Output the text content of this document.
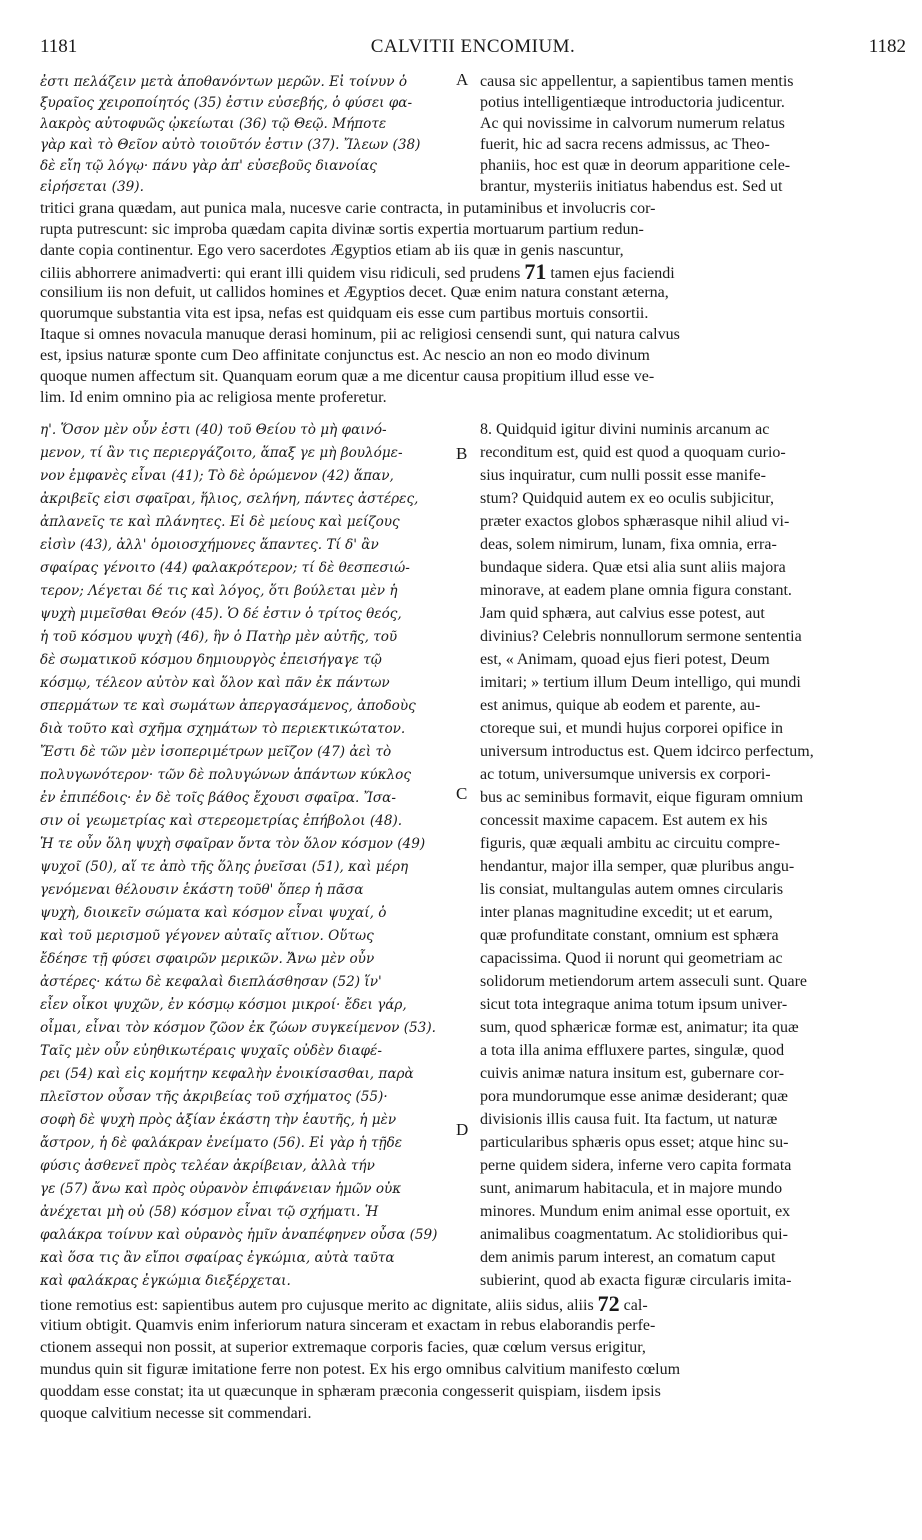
1181	CALVITII ENCOMIUM.	1182
ἐστι πελάζειν μετὰ ἀποθανόντων μερῶν. Εἰ τοίνυν ὁ
ξυραῖος χειροποίητός (35) ἐστιν εὐσεβής, ὁ φύσει φα-
λακρὸς αὐτοφυῶς ᾠκείωται (36) τῷ Θεῷ. Μήποτε
γὰρ καὶ τὸ Θεῖον αὐτὸ τοιοῦτόν ἐστιν (37). Ἴλεων (38)
δὲ εἴη τῷ λόγῳ· πάνυ γὰρ ἀπ' εὐσεβοῦς διανοίας
εἰρήσεται (39).
A causa sic appellentur, a sapientibus tamen mentis
potius intelligentiæque introductoria judicentur.
Ac qui novissime in calvorum numerum relatus
fuerit, hic ad sacra recens admissus, ac Theo-
phaniis, hoc est quæ in deorum apparitione cele-
brantur, mysteriis initiatus habendus est. Sed ut
tritici grana quædam, aut punica mala, nucesve carie contracta, in putaminibus et involucris cor-
rupta putrescunt: sic improba quædam capita divinæ sortis expertia mortuarum partium redun-
dante copia continentur. Ego vero sacerdotes Ægyptios etiam ab iis quæ in genis nascuntur,
ciliis abhorrere animadverti: qui erant illi quidem visu ridiculi, sed prudens 71 tamen ejus faciendi
consilium iis non defuit, ut callidos homines et Ægyptios decet. Quæ enim natura constant æterna,
quorumque substantia vita est ipsa, nefas est quidquam eis esse cum partibus mortuis consortii.
Itaque si omnes novacula manuque derasi hominum, pii ac religiosi censendi sunt, qui natura calvus
est, ipsius naturæ sponte cum Deo affinitate conjunctus est. Ac nescio an non eo modo divinum
quoque numen affectum sit. Quanquam eorum quæ a me dicentur causa propitium illud esse ve-
lim. Id enim omnino pia ac religiosa mente proferetur.
η'. Ὅσον μὲν οὖν ἐστι (40) τοῦ Θείου τὸ μὴ φαινό-
μενον, τί ἂν τις περιεργάζοιτο, ἅπαξ γε μὴ βουλόμε-
νον ἐμφανὲς εἶναι (41); Τὸ δὲ ὁρώμενον (42) ἅπαν,
ἀκριβεῖς εἰσι σφαῖραι, ἥλιος, σελήνη, πάντες ἀστέρες,
ἀπλανεῖς τε καὶ πλάνητες. Εἰ δὲ μείους καὶ μείζους
εἰσὶν (43), ἀλλ' ὁμοιοσχήμονες ἅπαντες. Τί δ' ἂν
σφαίρας γένοιτο (44) φαλακρότερον; τί δὲ θεσπεσιώ-
τερον; Λέγεται δέ τις καὶ λόγος, ὅτι βούλεται μὲν ἡ
ψυχὴ μιμεῖσθαι Θεόν (45). Ὁ δέ ἐστιν ὁ τρίτος θεός,
ἡ τοῦ κόσμου ψυχὴ (46), ἣν ὁ Πατὴρ μὲν αὐτῆς, τοῦ
δὲ σωματικοῦ κόσμου δημιουργὸς ἐπεισήγαγε τῷ
κόσμῳ, τέλεον αὐτὸν καὶ ὅλον καὶ πᾶν ἐκ πάντων
σπερμάτων τε καὶ σωμάτων ἀπεργασάμενος, ἀποδοὺς
διὰ τοῦτο καὶ σχῆμα σχημάτων τὸ περιεκτικώτατον.
Ἔστι δὲ τῶν μὲν ἰσοπεριμέτρων μεῖζον (47) ἀεὶ τὸ
πολυγωνότερον· τῶν δὲ πολυγώνων ἁπάντων κύκλος
ἐν ἐπιπέδοις· ἐν δὲ τοῖς βάθος ἔχουσι σφαῖρα. Ἴσα-
σιν οἱ γεωμετρίας καὶ στερεομετρίας ἐπήβολοι (48).
Ἡ τε οὖν ὅλη ψυχὴ σφαῖραν ὄντα τὸν ὅλον κόσμον (49)
ψυχοῖ (50), αἵ τε ἀπὸ τῆς ὅλης ῥυεῖσαι (51), καὶ μέρη
γενόμεναι θέλουσιν ἑκάστη τοῦθ' ὅπερ ἡ πᾶσα
ψυχὴ, διοικεῖν σώματα καὶ κόσμον εἶναι ψυχαί, ὁ
καὶ τοῦ μερισμοῦ γέγονεν αὐταῖς αἴτιον. Οὕτως
ἔδέησε τῇ φύσει σφαιρῶν μερικῶν. Ἄνω μὲν οὖν
ἀστέρες· κάτω δὲ κεφαλαὶ διεπλάσθησαν (52) ἵν'
εἶεν οἶκοι ψυχῶν, ἐν κόσμῳ κόσμοι μικροί· ἔδει γάρ,
οἶμαι, εἶναι τὸν κόσμον ζῶον ἐκ ζώων συγκείμενον (53).
Ταῖς μὲν οὖν εὐηθικωτέραις ψυχαῖς οὐδὲν διαφέ-
ρει (54) καὶ εἰς κομήτην κεφαλὴν ἐνοικίσασθαι, παρὰ
πλεῖστον οὖσαν τῆς ἀκριβείας τοῦ σχήματος (55)·
σοφὴ δὲ ψυχὴ πρὸς ἀξίαν ἑκάστη τὴν ἑαυτῆς, ἡ μὲν
ἄστρον, ἡ δὲ φαλάκραν ἐνείματο (56). Εἰ γὰρ ἡ τῇδε
φύσις ἀσθενεῖ πρὸς τελέαν ἀκρίβειαν, ἀλλὰ τήν
γε (57) ἄνω καὶ πρὸς οὐρανὸν ἐπιφάνειαν ἡμῶν οὐκ
ἀνέχεται μὴ οὐ (58) κόσμον εἶναι τῷ σχήματι. Ἡ
φαλάκρα τοίνυν καὶ οὐρανὸς ἡμῖν ἀναπέφηνεν οὖσα (59)
καὶ ὅσα τις ἂν εἴποι σφαίρας ἐγκώμια, αὐτὰ ταῦτα
καὶ φαλάκρας ἐγκώμια διεξέρχεται.
B
C
D
8. Quidquid igitur divini numinis arcanum ac
reconditum est, quid est quod a quoquam curio-
sius inquiratur, cum nulli possit esse manife-
stum? Quidquid autem ex eo oculis subjicitur,
præter exactos globos sphærasque nihil aliud vi-
deas, solem nimirum, lunam, fixa omnia, erra-
bundaque sidera. Quæ etsi alia sunt aliis majora
minorave, at eadem plane omnia figura constant.
Jam quid sphæra, aut calvius esse potest, aut
divinius? Celebris nonnullorum sermone sententia
est, « Animam, quoad ejus fieri potest, Deum
imitari; » tertium illum Deum intelligo, qui mundi
est animus, quique ab eodem et parente, au-
ctoreque sui, et mundi hujus corporei opifice in
universum introductus est. Quem idcirco perfectum,
ac totum, universumque universis ex corpori-
bus ac seminibus formavit, eique figuram omnium
concessit maxime capacem. Est autem ex his
figuris, quæ æquali ambitu ac circuitu compre-
hendantur, major illa semper, quæ pluribus angu-
lis consiat, multangulas autem omnes circularis
inter planas magnitudine excedit; ut et earum,
quæ profunditate constant, omnium est sphæra
capacissima. Quod ii norunt qui geometriam ac
solidorum metiendorum artem asseculi sunt. Quare
sicut tota integraque anima totum ipsum univer-
sum, quod sphæricæ formæ est, animatur; ita quæ
a tota illa anima effluxere partes, singulæ, quod
cuivis animæ natura insitum est, gubernare cor-
pora mundorumque esse animæ desiderant; quæ
divisionis illis causa fuit. Ita factum, ut naturæ
particularibus sphæris opus esset; atque hinc su-
perne quidem sidera, inferne vero capita formata
sunt, animarum habitacula, et in majore mundo
minores. Mundum enim animal esse oportuit, ex
animalibus coagmentatum. Ac stolidioribus qui-
dem animis parum interest, an comatum caput
subierint, quod ab exacta figuræ circularis imita-
tione remotius est: sapientibus autem pro cujusque merito ac dignitate, aliis sidus, aliis 72 cal-
vitium obtigit. Quamvis enim inferiorum natura sinceram et exactam in rebus elaborandis perfe-
ctionem assequi non possit, at superior extremaque corporis facies, quæ cœlum versus erigitur,
mundus quin sit figuræ imitatione ferre non potest. Ex his ergo omnibus calvitium manifesto cœlum
quoddam esse constat; ita ut quæcunque in sphæram præconia congesserit quispiam, iisdem ipsis
quoque calvitium necesse sit commendari.
